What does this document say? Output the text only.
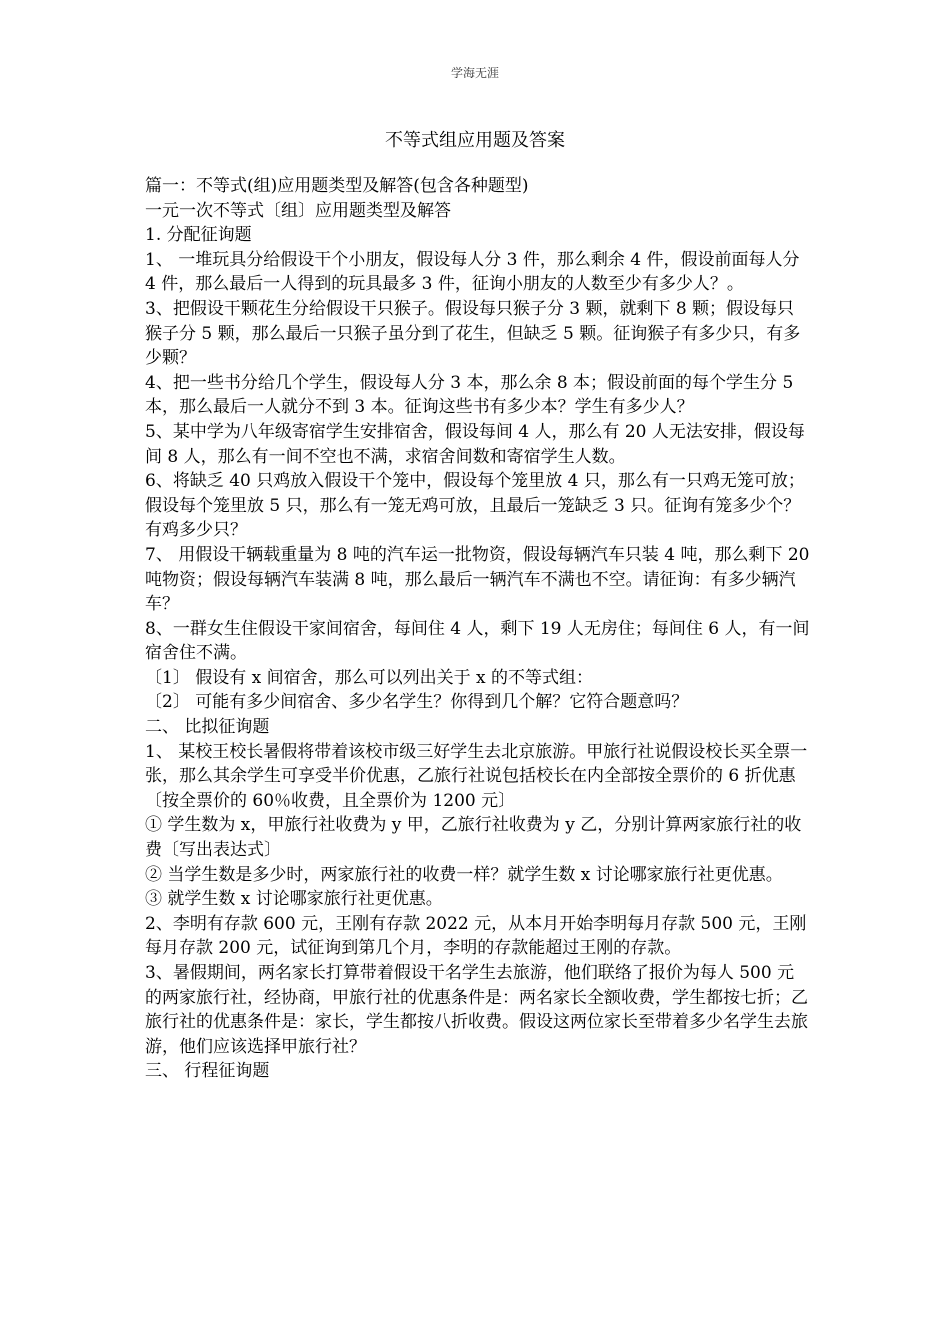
学海无涯
不等式组应用题及答案

篇一：不等式(组)应用题类型及解答(包含各种题型)

一元一次不等式〔组〕应用题类型及解答

1. 分配征询题

1、 一堆玩具分给假设干个小朋友，假设每人分 3 件，那么剩余 4 件，假设前面每人分 4 件，那么最后一人得到的玩具最多 3 件，征询小朋友的人数至少有多少人？。

3、把假设干颗花生分给假设干只猴子。假设每只猴子分 3 颗，就剩下 8 颗；假设每只猴子分 5 颗，那么最后一只猴子虽分到了花生，但缺乏 5 颗。征询猴子有多少只，有多少颗？

4、把一些书分给几个学生，假设每人分 3 本，那么余 8 本；假设前面的每个学生分 5 本，那么最后一人就分不到 3 本。征询这些书有多少本？学生有多少人？

5、某中学为八年级寄宿学生安排宿舍，假设每间 4 人，那么有 20 人无法安排，假设每间 8 人，那么有一间不空也不满，求宿舍间数和寄宿学生人数。

6、将缺乏 40 只鸡放入假设干个笼中，假设每个笼里放 4 只，那么有一只鸡无笼可放；假设每个笼里放 5 只，那么有一笼无鸡可放，且最后一笼缺乏 3 只。征询有笼多少个？有鸡多少只？

7、 用假设干辆载重量为 8 吨的汽车运一批物资，假设每辆汽车只装 4 吨，那么剩下 20 吨物资；假设每辆汽车装满 8 吨，那么最后一辆汽车不满也不空。请征询：有多少辆汽车？

8、一群女生住假设干家间宿舍，每间住 4 人，剩下 19 人无房住；每间住 6 人，有一间宿舍住不满。

〔1〕 假设有 x 间宿舍，那么可以列出关于 x 的不等式组：

〔2〕 可能有多少间宿舍、多少名学生？你得到几个解？它符合题意吗？

二、 比拟征询题

1、 某校王校长暑假将带着该校市级三好学生去北京旅游。甲旅行社说假设校长买全票一张，那么其余学生可享受半价优惠，乙旅行社说包括校长在内全部按全票价的 6 折优惠〔按全票价的 60％收费，且全票价为 1200 元〕

① 学生数为 x，甲旅行社收费为 y 甲，乙旅行社收费为 y 乙，分别计算两家旅行社的收费〔写出表达式〕

② 当学生数是多少时，两家旅行社的收费一样？就学生数 x 讨论哪家旅行社更优惠。

③ 就学生数 x 讨论哪家旅行社更优惠。

2、李明有存款 600 元，王刚有存款 2022 元，从本月开始李明每月存款 500 元，王刚每月存款 200 元，试征询到第几个月，李明的存款能超过王刚的存款。

3、暑假期间，两名家长打算带着假设干名学生去旅游，他们联络了报价为每人 500 元的两家旅行社，经协商，甲旅行社的优惠条件是：两名家长全额收费，学生都按七折；乙旅行社的优惠条件是：家长，学生都按八折收费。假设这两位家长至带着多少名学生去旅游，他们应该选择甲旅行社？

三、 行程征询题
